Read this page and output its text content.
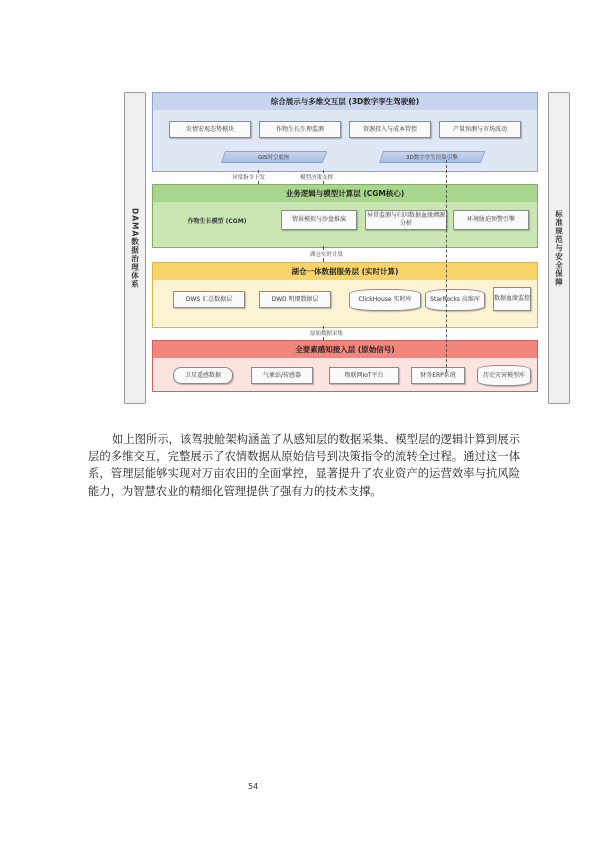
DAMA数据治理体系	标准规范与安全保障
综合展示与多维交互层 (3D数字孪生驾驶舱)
农情宏观态势模块	作物生长生理监测	资源投入与成本管控	产量预测与市场波动
GIS时空底座	3D数字孪生渲染引擎
异常指令下发	模型决策支撑
业务逻辑与模型计算层 (CGM核心)
作物生长模型 (CGM)	情景模拟与沙盘推演
异常监测与归因数据血缘溯源分析
环境胁迫预警引擎
湖仓实时计算
湖仓一体数据服务层 (实时计算)
DWS 汇总数据层	DWD 明细数据层	ClickHouse 实时库	StarRocks 高维库	数据血缘监控
原始数据采集
全要素感知接入层 (原始信号)
卫星遥感数据	气象站/传感器	物联网IoT平台	财务ERP系统	历史灾害模型库
如上图所示，该驾驶舱架构涵盖了从感知层的数据采集、模型层的逻辑计算到展示层的多维交互，完整展示了农情数据从原始信号到决策指令的流转全过程。通过这一体系，管理层能够实现对万亩农田的全面掌控，显著提升了农业资产的运营效率与抗风险能力，为智慧农业的精细化管理提供了强有力的技术支撑。
54
